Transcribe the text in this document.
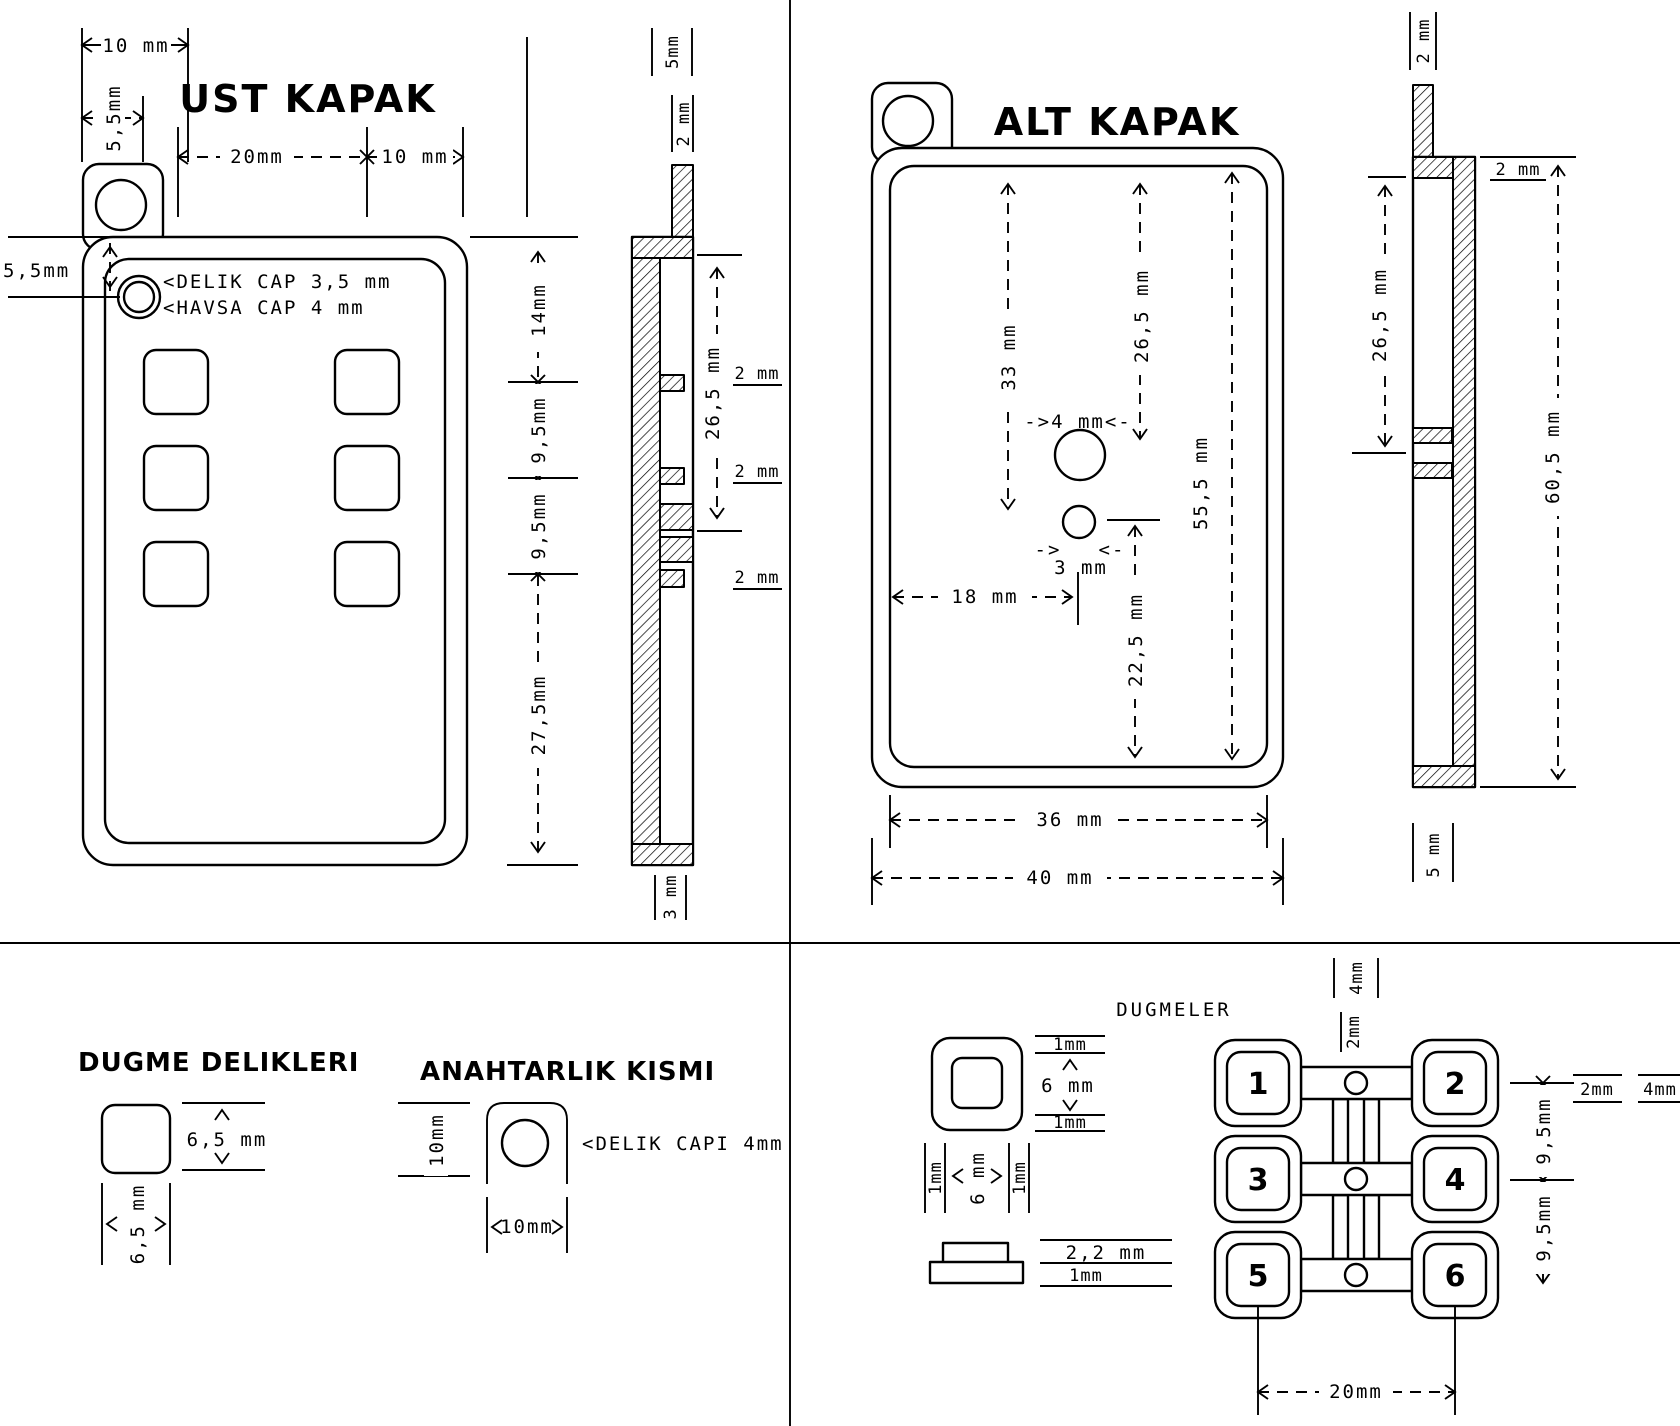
UST KAPAK
<DELIK CAP 3,5 mm
<HAVSA CAP 4 mm
10 mm
5,5mm
5,5mm
20mm	10 mm
14mm
9,5mm
9,5mm
27,5mm
5mm
2 mm
26,5 mm 2 mm
2 mm
2 mm
3 mm
ALT KAPAK
33 mm	26,5 mm
55,5 mm
22,5 mm
->4 mm<-
-> <-
3 mm
18 mm
36 mm
40 mm
2 mm
2 mm
26,5 mm
60,5 mm
5 mm
DUGME DELIKLERI
6,5 mm
6,5 mm
ANAHTARLIK KISMI
10mm
10mm
<DELIK CAPI 4mm
DUGMELER
1mm
6 mm
1mm
1mm 6 mm 1mm
2,2 mm
1mm
1	2
3	4
5	6
4mm
2mm
9,5mm
9,5mm
2mm 4mm
20mm
